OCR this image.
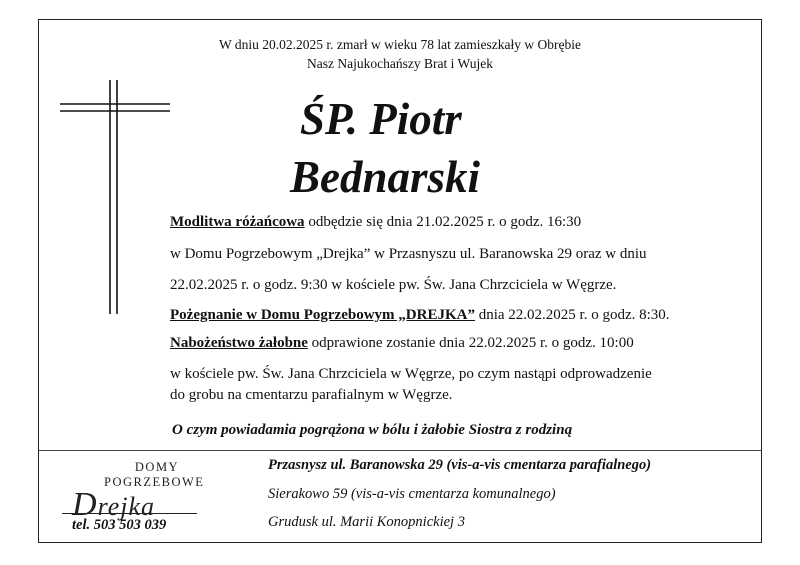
W dniu 20.02.2025 r. zmarł w wieku 78 lat zamieszkały w Obrębie
Nasz Najukochańszy Brat i Wujek
ŚP. Piotr
Bednarski
Modlitwa różańcowa odbędzie się dnia 21.02.2025 r. o godz. 16:30
w Domu Pogrzebowym „Drejka” w Przasnyszu ul. Baranowska 29 oraz w dniu
22.02.2025 r. o godz. 9:30 w kościele pw. Św. Jana Chrzciciela w Węgrze.
Pożegnanie w Domu Pogrzebowym „DREJKA” dnia 22.02.2025 r. o godz. 8:30.
Nabożeństwo żałobne odprawione zostanie dnia 22.02.2025 r. o godz. 10:00
w kościele pw. Św. Jana Chrzciciela w Węgrze, po czym nastąpi odprowadzenie
do grobu na cmentarzu parafialnym w Węgrze.
O czym powiadamia pogrążona w bólu i żałobie Siostra z rodziną
DOMY
POGRZEBOWE
Drejka
tel. 503 503 039
Przasnysz ul. Baranowska 29 (vis-a-vis cmentarza parafialnego)
Sierakowo 59 (vis-a-vis cmentarza komunalnego)
Grudusk ul. Marii Konopnickiej 3
